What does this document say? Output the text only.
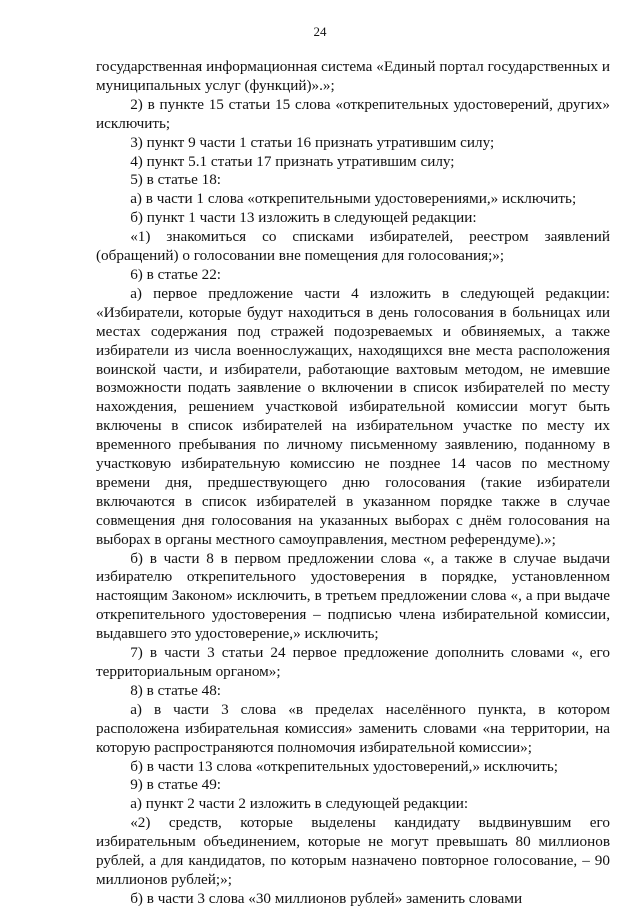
24

государственная информационная система «Единый портал государственных и муниципальных услуг (функций)».»;

2) в пункте 15 статьи 15 слова «открепительных удостоверений, других» исключить;

3) пункт 9 части 1 статьи 16 признать утратившим силу;

4) пункт 5.1 статьи 17 признать утратившим силу;

5) в статье 18:

а) в части 1 слова «открепительными удостоверениями,» исключить;

б) пункт 1 части 13 изложить в следующей редакции:

«1) знакомиться со списками избирателей, реестром заявлений (обращений) о голосовании вне помещения для голосования;»;

6) в статье 22:

а) первое предложение части 4 изложить в следующей редакции: «Избиратели, которые будут находиться в день голосования в больницах или местах содержания под стражей подозреваемых и обвиняемых, а также избиратели из числа военнослужащих, находящихся вне места расположения воинской части, и избиратели, работающие вахтовым методом, не имевшие возможности подать заявление о включении в список избирателей по месту нахождения, решением участковой избирательной комиссии могут быть включены в список избирателей на избирательном участке по месту их временного пребывания по личному письменному заявлению, поданному в участковую избирательную комиссию не позднее 14 часов по местному времени дня, предшествующего дню голосования (такие избиратели включаются в список избирателей в указанном порядке также в случае совмещения дня голосования на указанных выборах с днём голосования на выборах в органы местного самоуправления, местном референдуме).»;

б) в части 8 в первом предложении слова «, а также в случае выдачи избирателю открепительного удостоверения в порядке, установленном настоящим Законом» исключить, в третьем предложении слова «, а при выдаче открепительного удостоверения – подписью члена избирательной комиссии, выдавшего это удостоверение,» исключить;

7) в части 3 статьи 24 первое предложение дополнить словами «, его территориальным органом»;

8) в статье 48:

а) в части 3 слова «в пределах населённого пункта, в котором расположена избирательная комиссия» заменить словами «на территории, на которую распространяются полномочия избирательной комиссии»;

б) в части 13 слова «открепительных удостоверений,» исключить;

9) в статье 49:

а) пункт 2 части 2 изложить в следующей редакции:

«2) средств, которые выделены кандидату выдвинувшим его избирательным объединением, которые не могут превышать 80 миллионов рублей, а для кандидатов, по которым назначено повторное голосование, – 90 миллионов рублей;»;

б) в части 3 слова «30 миллионов рублей» заменить словами
